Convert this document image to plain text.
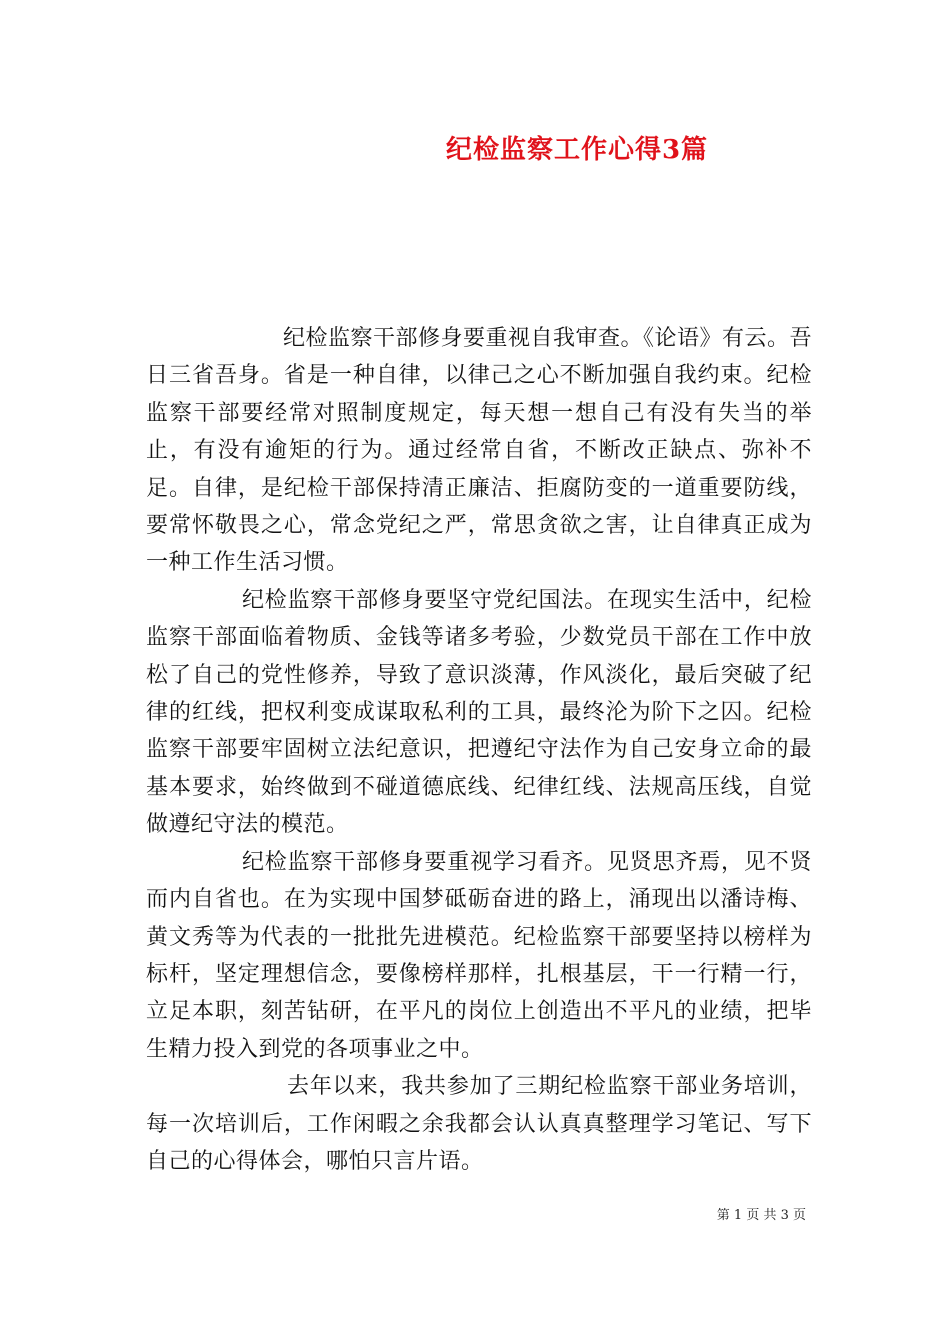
纪检监察工作心得3篇

纪检监察干部修身要重视自我审查。《论语》有云。吾日三省吾身。省是一种自律，以律己之心不断加强自我约束。纪检监察干部要经常对照制度规定，每天想一想自己有没有失当的举止，有没有逾矩的行为。通过经常自省，不断改正缺点、弥补不足。自律，是纪检干部保持清正廉洁、拒腐防变的一道重要防线，要常怀敬畏之心，常念党纪之严，常思贪欲之害，让自律真正成为一种工作生活习惯。

纪检监察干部修身要坚守党纪国法。在现实生活中，纪检监察干部面临着物质、金钱等诸多考验，少数党员干部在工作中放松了自己的党性修养，导致了意识淡薄，作风淡化，最后突破了纪律的红线，把权利变成谋取私利的工具，最终沦为阶下之囚。纪检监察干部要牢固树立法纪意识，把遵纪守法作为自己安身立命的最基本要求，始终做到不碰道德底线、纪律红线、法规高压线，自觉做遵纪守法的模范。

纪检监察干部修身要重视学习看齐。见贤思齐焉，见不贤而内自省也。在为实现中国梦砥砺奋进的路上，涌现出以潘诗梅、黄文秀等为代表的一批批先进模范。纪检监察干部要坚持以榜样为标杆，坚定理想信念，要像榜样那样，扎根基层，干一行精一行，立足本职，刻苦钻研，在平凡的岗位上创造出不平凡的业绩，把毕生精力投入到党的各项事业之中。

去年以来，我共参加了三期纪检监察干部业务培训，每一次培训后，工作闲暇之余我都会认认真真整理学习笔记、写下自己的心得体会，哪怕只言片语。

第 1 页 共 3 页
